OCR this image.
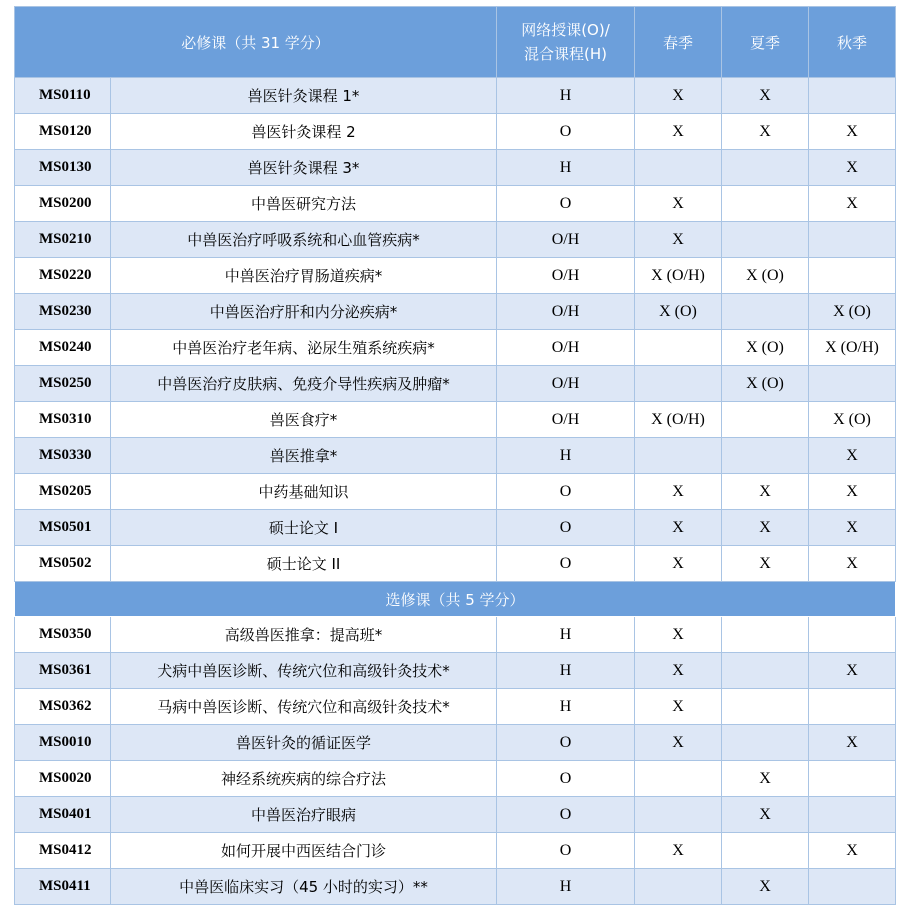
必修课（共 31 学分）		网络授课(O)/
混合课程(H)	春季	夏季	秋季
MS0110	兽医针灸课程 1*	H	X	X	
MS0120	兽医针灸课程 2	O	X	X	X
MS0130	兽医针灸课程 3*	H			X
MS0200	中兽医研究方法	O	X		X
MS0210	中兽医治疗呼吸系统和心血管疾病*	O/H	X		
MS0220	中兽医治疗胃肠道疾病*	O/H	X (O/H)	X (O)	
MS0230	中兽医治疗肝和内分泌疾病*	O/H	X (O)		X (O)
MS0240	中兽医治疗老年病、泌尿生殖系统疾病*	O/H		X (O)	X (O/H)
MS0250	中兽医治疗皮肤病、免疫介导性疾病及肿瘤*	O/H		X (O)	
MS0310	兽医食疗*	O/H	X (O/H)		X (O)
MS0330	兽医推拿*	H			X
MS0205	中药基础知识	O	X	X	X
MS0501	硕士论文 I	O	X	X	X
MS0502	硕士论文 II	O	X	X	X
选修课（共 5 学分）					
MS0350	高级兽医推拿：提高班*	H	X		
MS0361	犬病中兽医诊断、传统穴位和高级针灸技术*	H	X		X
MS0362	马病中兽医诊断、传统穴位和高级针灸技术*	H	X		
MS0010	兽医针灸的循证医学	O	X		X
MS0020	神经系统疾病的综合疗法	O		X	
MS0401	中兽医治疗眼病	O		X	
MS0412	如何开展中西医结合门诊	O	X		X
MS0411	中兽医临床实习（45 小时的实习）**	H		X	
